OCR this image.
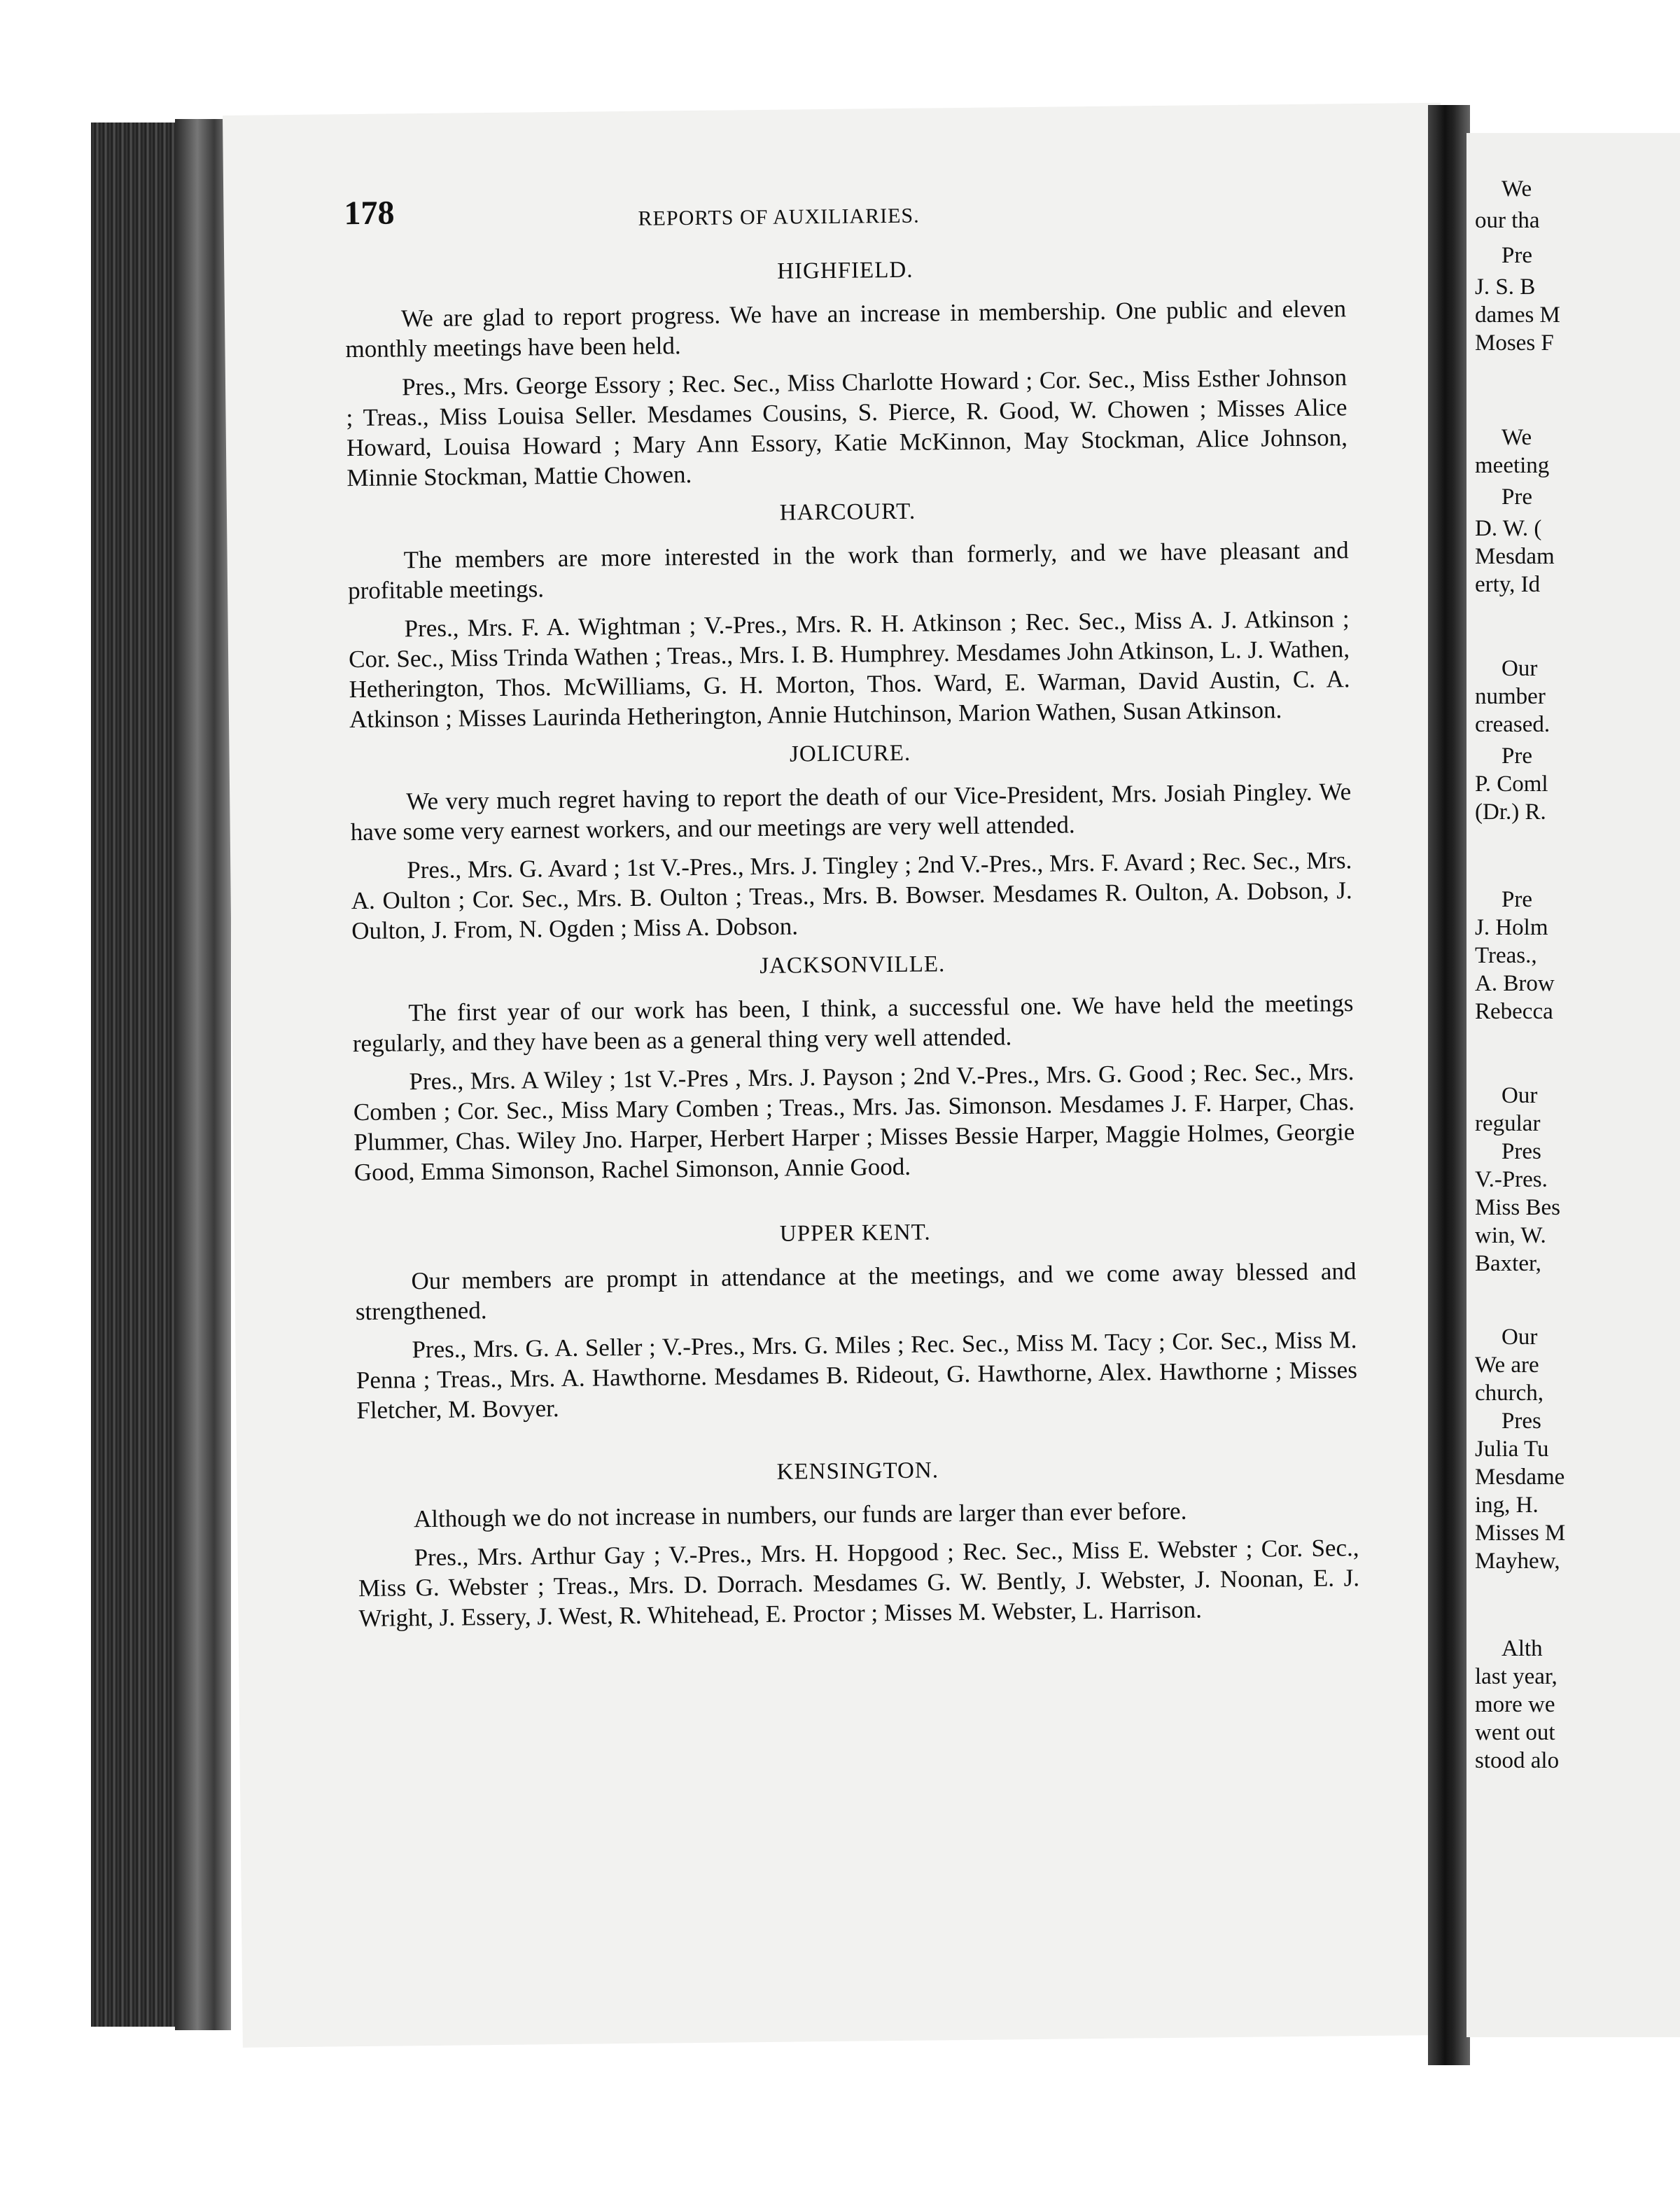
178	REPORTS OF AUXILIARIES.
HIGHFIELD.

We are glad to report progress. We have an increase in membership. One public and eleven monthly meetings have been held.

Pres., Mrs. George Essory ; Rec. Sec., Miss Charlotte Howard ; Cor. Sec., Miss Esther Johnson ; Treas., Miss Louisa Seller. Mesdames Cousins, S. Pierce, R. Good, W. Chowen ; Misses Alice Howard, Louisa Howard ; Mary Ann Essory, Katie McKinnon, May Stockman, Alice Johnson, Minnie Stockman, Mattie Chowen.

HARCOURT.

The members are more interested in the work than formerly, and we have pleasant and profitable meetings.

Pres., Mrs. F. A. Wightman ; V.-Pres., Mrs. R. H. Atkinson ; Rec. Sec., Miss A. J. Atkinson ; Cor. Sec., Miss Trinda Wathen ; Treas., Mrs. I. B. Humphrey. Mesdames John Atkinson, L. J. Wathen, Hetherington, Thos. McWilliams, G. H. Morton, Thos. Ward, E. Warman, David Austin, C. A. Atkinson ; Misses Laurinda Hetherington, Annie Hutchinson, Marion Wathen, Susan Atkinson.

JOLICURE.

We very much regret having to report the death of our Vice-President, Mrs. Josiah Pingley. We have some very earnest workers, and our meetings are very well attended.

Pres., Mrs. G. Avard ; 1st V.-Pres., Mrs. J. Tingley ; 2nd V.-Pres., Mrs. F. Avard ; Rec. Sec., Mrs. A. Oulton ; Cor. Sec., Mrs. B. Oulton ; Treas., Mrs. B. Bowser. Mesdames R. Oulton, A. Dobson, J. Oulton, J. From, N. Ogden ; Miss A. Dobson.

JACKSONVILLE.

The first year of our work has been, I think, a successful one. We have held the meetings regularly, and they have been as a general thing very well attended.

Pres., Mrs. A Wiley ; 1st V.-Pres , Mrs. J. Payson ; 2nd V.-Pres., Mrs. G. Good ; Rec. Sec., Mrs. Comben ; Cor. Sec., Miss Mary Comben ; Treas., Mrs. Jas. Simonson. Mesdames J. F. Harper, Chas. Plummer, Chas. Wiley Jno. Harper, Herbert Harper ; Misses Bessie Harper, Maggie Holmes, Georgie Good, Emma Simonson, Rachel Simonson, Annie Good.

UPPER KENT.

Our members are prompt in attendance at the meetings, and we come away blessed and strengthened.

Pres., Mrs. G. A. Seller ; V.-Pres., Mrs. G. Miles ; Rec. Sec., Miss M. Tacy ; Cor. Sec., Miss M. Penna ; Treas., Mrs. A. Hawthorne. Mesdames B. Rideout, G. Hawthorne, Alex. Hawthorne ; Misses Fletcher, M. Bovyer.

KENSINGTON.

Although we do not increase in numbers, our funds are larger than ever before.

Pres., Mrs. Arthur Gay ; V.-Pres., Mrs. H. Hopgood ; Rec. Sec., Miss E. Webster ; Cor. Sec., Miss G. Webster ; Treas., Mrs. D. Dorrach. Mesdames G. W. Bently, J. Webster, J. Noonan, E. J. Wright, J. Essery, J. West, R. Whitehead, E. Proctor ; Misses M. Webster, L. Harrison.

We
our tha
Pre
J. S. B
dames M
Moses F
We
meeting
Pre
D. W. (
Mesdam
erty, Id
Our
number
creased.
Pre
P. Coml
(Dr.) R.
Pre
J. Holm
Treas.,
A. Brow
Rebecca
Our
regular
Pres
V.-Pres.
Miss Bes
win, W.
Baxter,
Our
We are
church,
Pres
Julia Tu
Mesdame
ing, H.
Misses M
Mayhew,
Alth
last year,
more we
went out
stood alo
